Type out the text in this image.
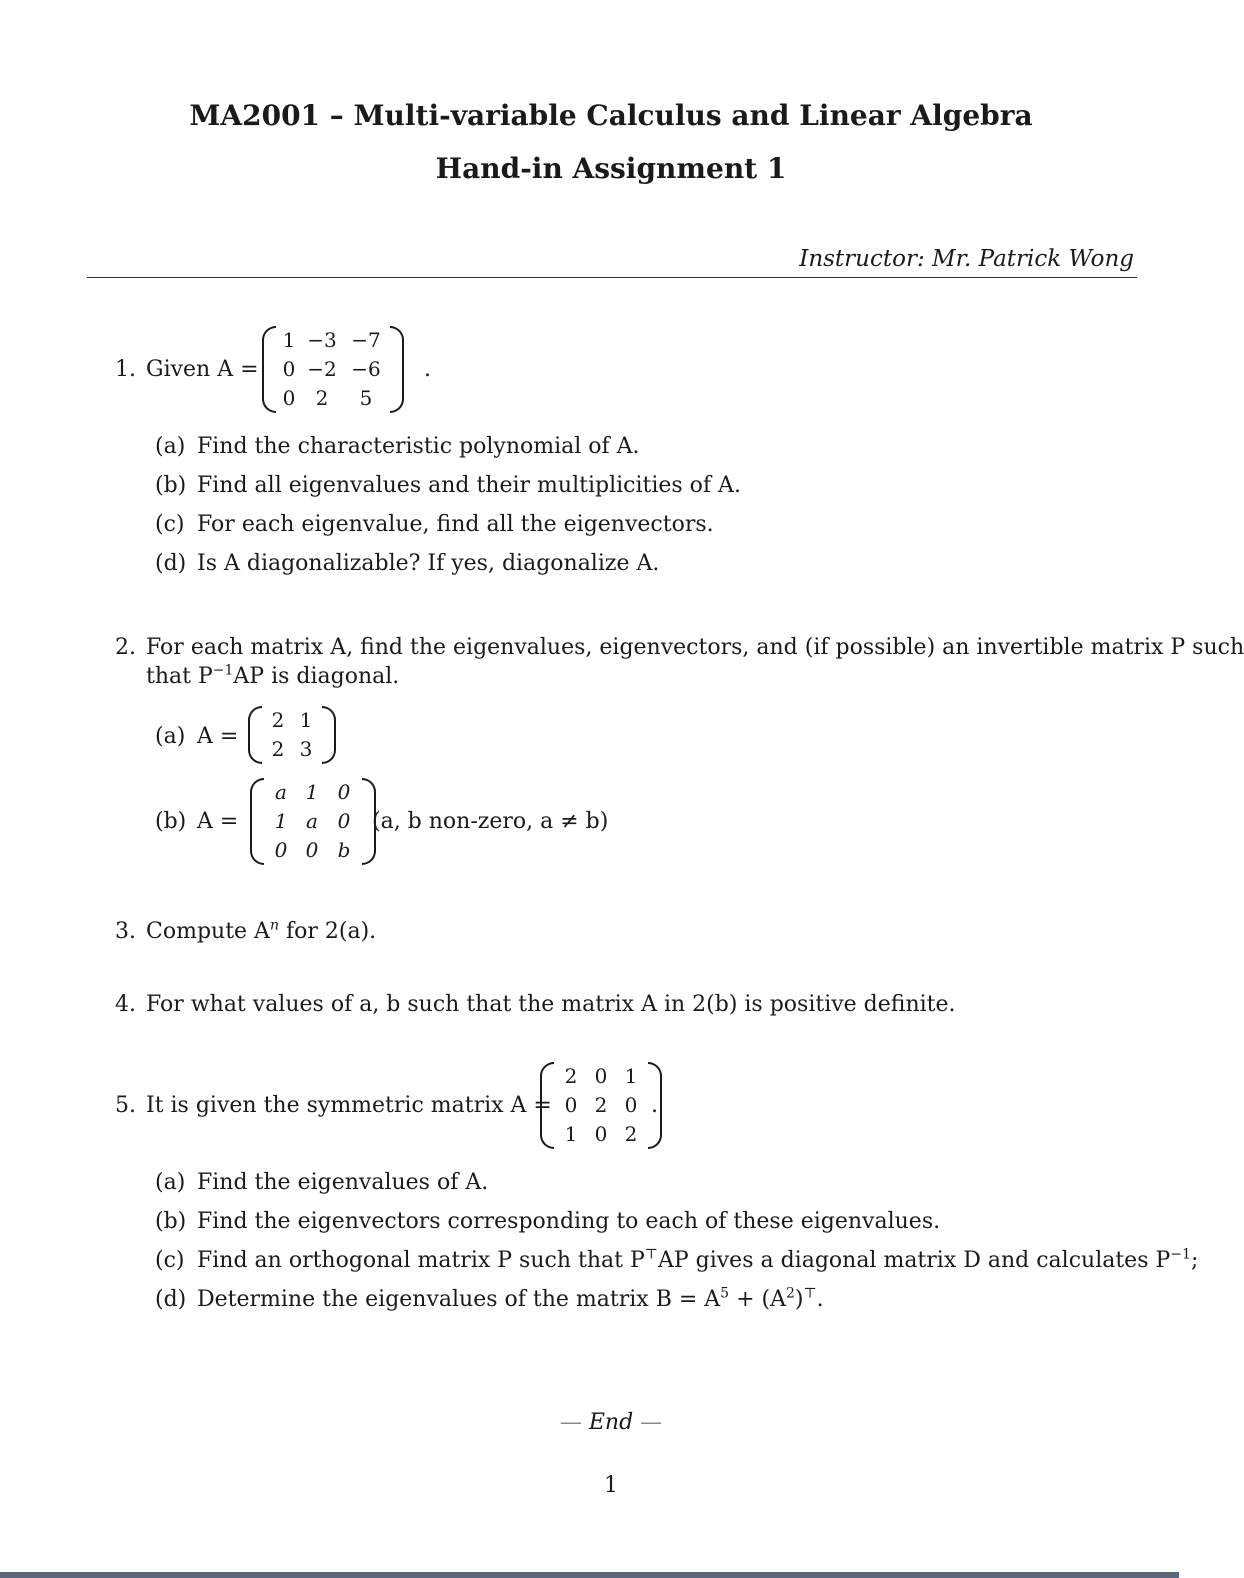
MA2001 – Multi-variable Calculus and Linear Algebra
Hand-in Assignment 1
Instructor: Mr. Patrick Wong
1. Given A =
1 −3 −7
0 −2 −6
0	2	5
.
(a) Find the characteristic polynomial of A.
(b) Find all eigenvalues and their multiplicities of A.
(c) For each eigenvalue, find all the eigenvectors.
(d) Is A diagonalizable? If yes, diagonalize A.
2. For each matrix A, find the eigenvalues, eigenvectors, and (if possible) an invertible matrix P such
that $P^{-1}AP$ is diagonal.
(a) A =
2 1
2 3
(b) A =
a 1 0
1 a 0
0 0 b
(a, b non-zero, a ≠ b)
3. Compute $A^n$ for 2(a).
4. For what values of a, b such that the matrix A in 2(b) is positive definite.
5. It is given the symmetric matrix A =
2 0 1
0 2 0
1 0 2
.
(a) Find the eigenvalues of A.
(b) Find the eigenvectors corresponding to each of these eigenvalues.
(c) Find an orthogonal matrix P such that P⊤AP gives a diagonal matrix D and calculates $P^{-1}$;
(d) Determine the eigenvalues of the matrix $B = A^5 + (A^2)^⊤$.
— End —
1
